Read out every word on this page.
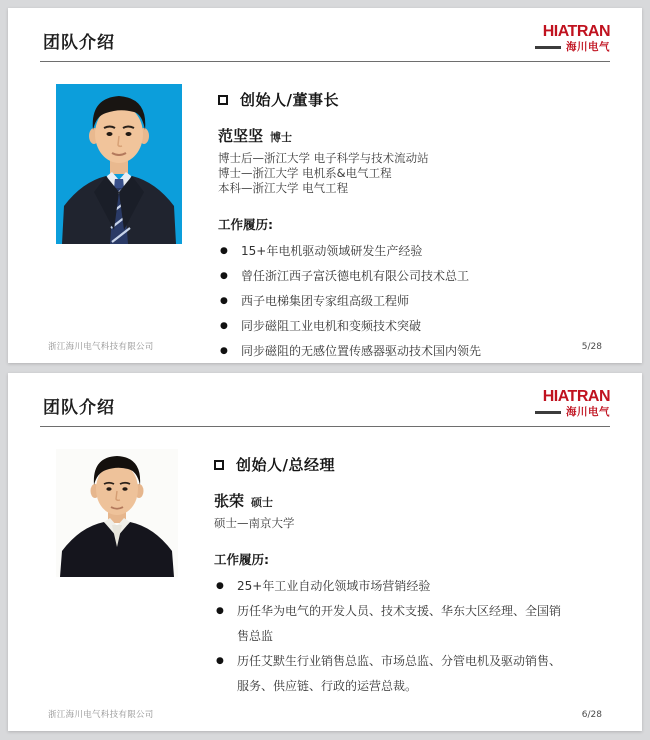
团队介绍
HIATRAN
海川电气
创始人/董事长
范坚坚 博士
博士后—浙江大学 电子科学与技术流动站
博士—浙江大学 电机系&电气工程
本科—浙江大学 电气工程
工作履历:
● 15+年电机驱动领域研发生产经验
● 曾任浙江西子富沃德电机有限公司技术总工
● 西子电梯集团专家组高级工程师
● 同步磁阻工业电机和变频技术突破
● 同步磁阻的无感位置传感器驱动技术国内领先
浙江海川电气科技有限公司	5/28
团队介绍
HIATRAN
海川电气
创始人/总经理
张荣 硕士
硕士—南京大学
工作履历:
● 25+年工业自动化领域市场营销经验
● 历任华为电气的开发人员、技术支援、华东大区经理、全国销售总监
● 历任艾默生行业销售总监、市场总监、分管电机及驱动销售、服务、供应链、行政的运营总裁。
浙江海川电气科技有限公司	6/28
